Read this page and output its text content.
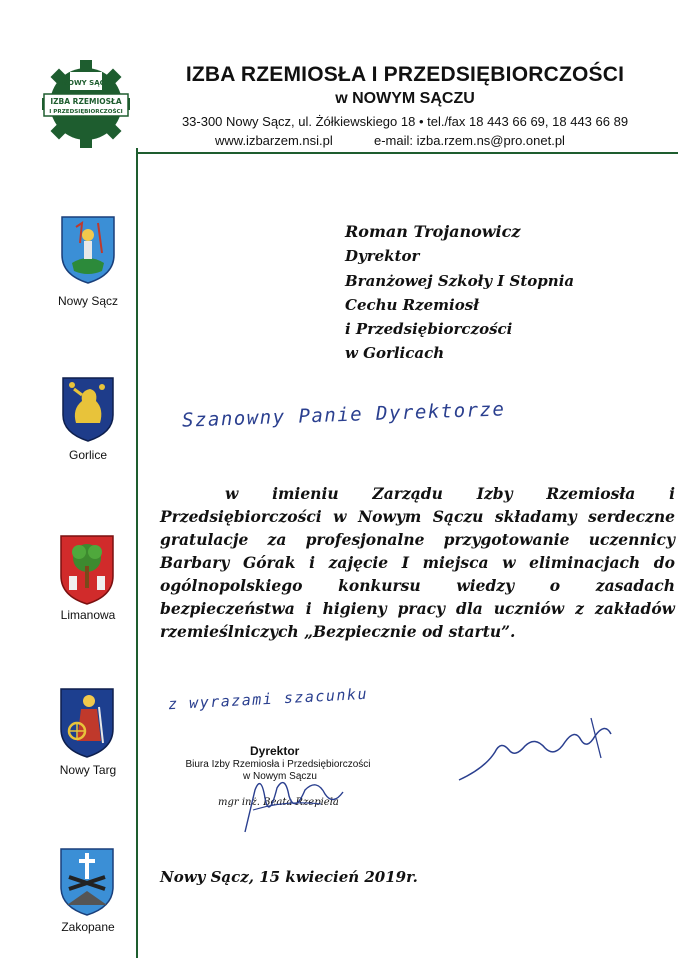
NOWY SĄCZ
IZBA RZEMIOSŁA
I PRZEDSIĘBIORCZOŚCI
IZBA RZEMIOSŁA I PRZEDSIĘBIORCZOŚCI
w NOWYM SĄCZU
33-300 Nowy Sącz, ul. Żółkiewskiego 18 • tel./fax 18 443 66 69, 18 443 66 89
www.izbarzem.nsi.pl	e-mail: izba.rzem.ns@pro.onet.pl
Nowy Sącz
Gorlice
Limanowa
Nowy Targ
Zakopane
Roman Trojanowicz
Dyrektor
Branżowej Szkoły I Stopnia
Cechu Rzemiosł
i Przedsiębiorczości
w Gorlicach
Szanowny Panie Dyrektorze
w imieniu Zarządu Izby Rzemiosła i Przedsiębiorczości w Nowym Sączu składamy serdeczne gratulacje za profesjonalne przygotowanie uczennicy Barbary Górak i zajęcie I miejsca w eliminacjach do ogólnopolskiego konkursu wiedzy o zasadach bezpieczeństwa i higieny pracy dla uczniów z zakładów rzemieślniczych „Bezpiecznie od startu”.
z wyrazami szacunku
Dyrektor
Biura Izby Rzemiosła i Przedsiębiorczości
w Nowym Sączu
mgr inż. Beata Rzepiela
Nowy Sącz, 15 kwiecień 2019r.
